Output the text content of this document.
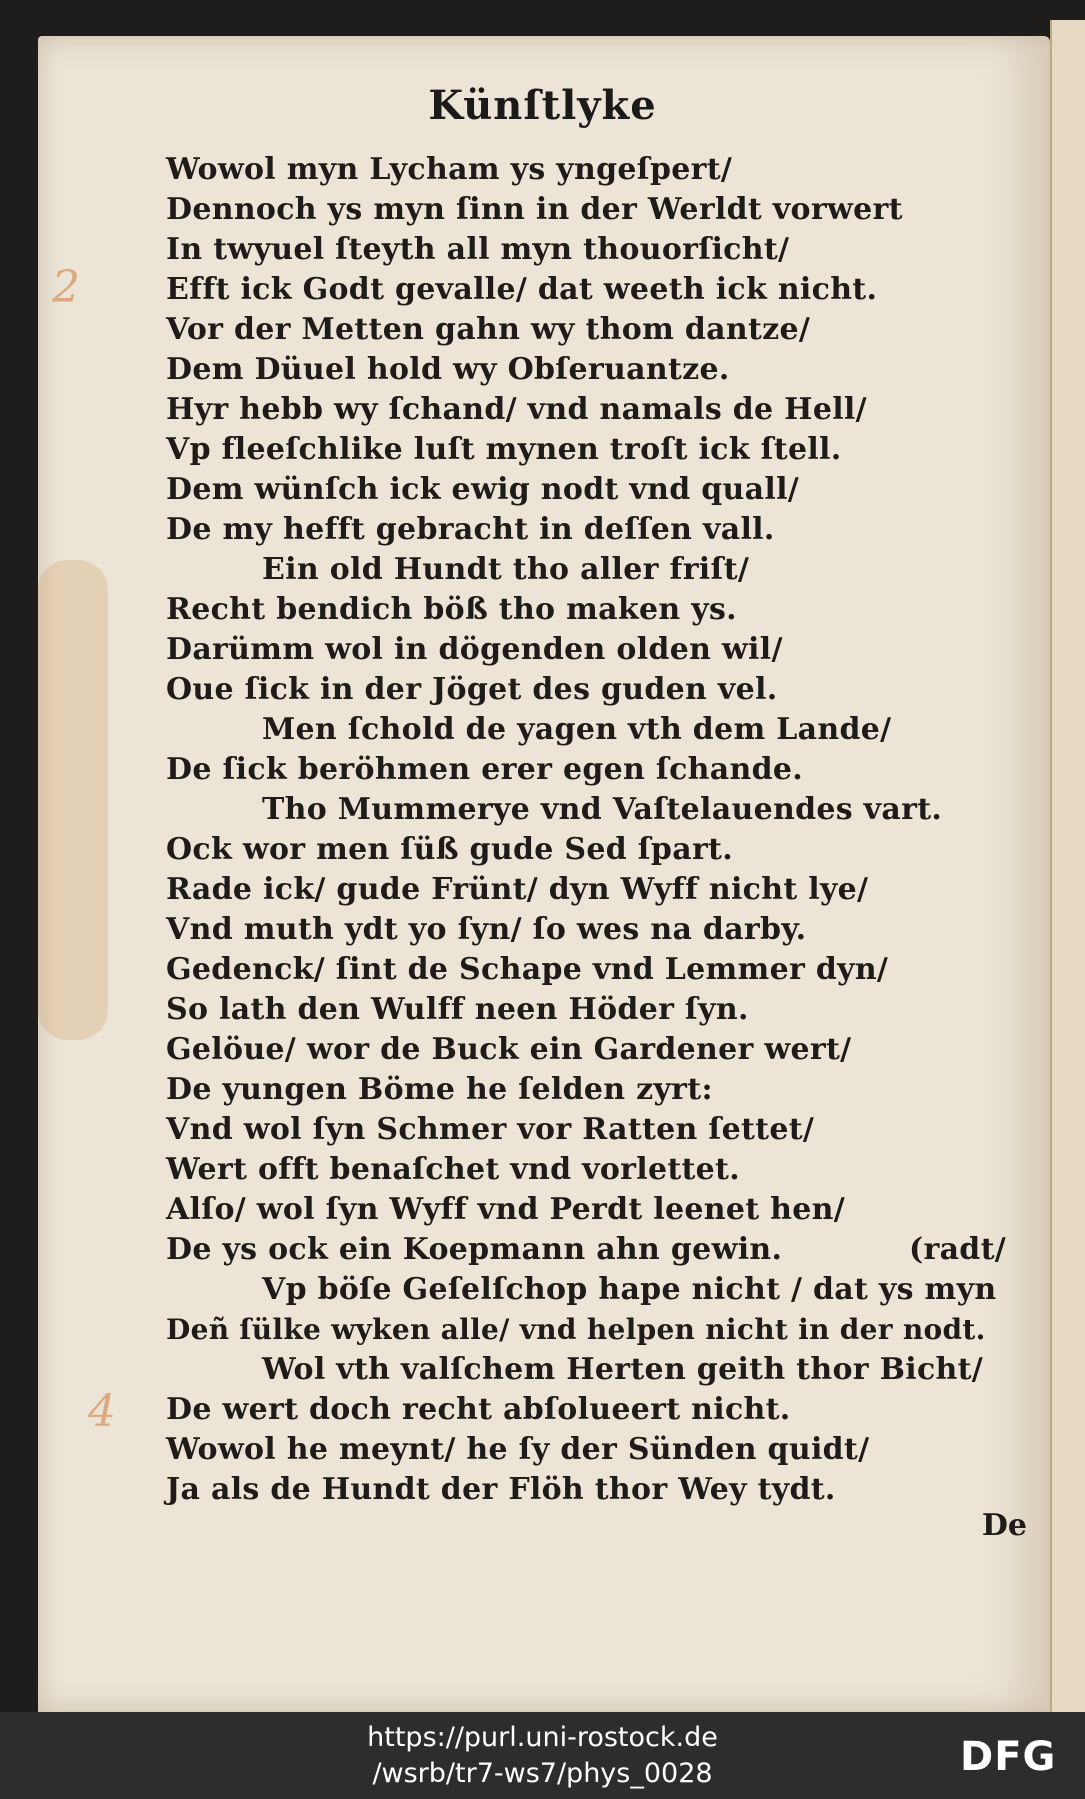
2
4
Künſtlyke
Wowol myn Lycham ys yngeſpert/
Dennoch ys myn ſinn in der Werldt vorwert
In twyuel ſteyth all myn thouorſicht/
Efft ick Godt gevalle/ dat weeth ick nicht.
Vor der Metten gahn wy thom dantze/
Dem Düuel hold wy Obſeruantze.
Hyr hebb wy ſchand/ vnd namals de Hell/
Vp fleeſchlike luſt mynen troſt ick ſtell.
Dem wünſch ick ewig nodt vnd quall/
De my hefft gebracht in deſſen vall.
Ein old Hundt tho aller friſt/
Recht bendich böß tho maken ys.
Darümm wol in dögenden olden wil/
Oue ſick in der Jöget des guden vel.
Men ſchold de yagen vth dem Lande/
De ſick beröhmen erer egen ſchande.
Tho Mummerye vnd Vaſtelauendes vart.
Ock wor men ſüß gude Sed ſpart.
Rade ick/ gude Frünt/ dyn Wyff nicht lye/
Vnd muth ydt yo ſyn/ ſo wes na darby.
Gedenck/ ſint de Schape vnd Lemmer dyn/
So lath den Wulff neen Höder ſyn.
Gelöue/ wor de Buck ein Gardener wert/
De yungen Böme he ſelden zyrt:
Vnd wol ſyn Schmer vor Ratten ſettet/
Wert offt benaſchet vnd vorlettet.
Alſo/ wol ſyn Wyff vnd Perdt leenet hen/
De ys ock ein Koepmann ahn gewin.	(radt/
Vp böſe Geſelſchop hape nicht / dat ys myn
Deñ ſülke wyken alle/ vnd helpen nicht in der nodt.
Wol vth valſchem Herten geith thor Bicht/
De wert doch recht abſolueert nicht.
Wowol he meynt/ he ſy der Sünden quidt/
Ja als de Hundt der Flöh thor Wey tydt.
De
https://purl.uni-rostock.de
/wsrb/tr7-ws7/phys_0028	DFG
